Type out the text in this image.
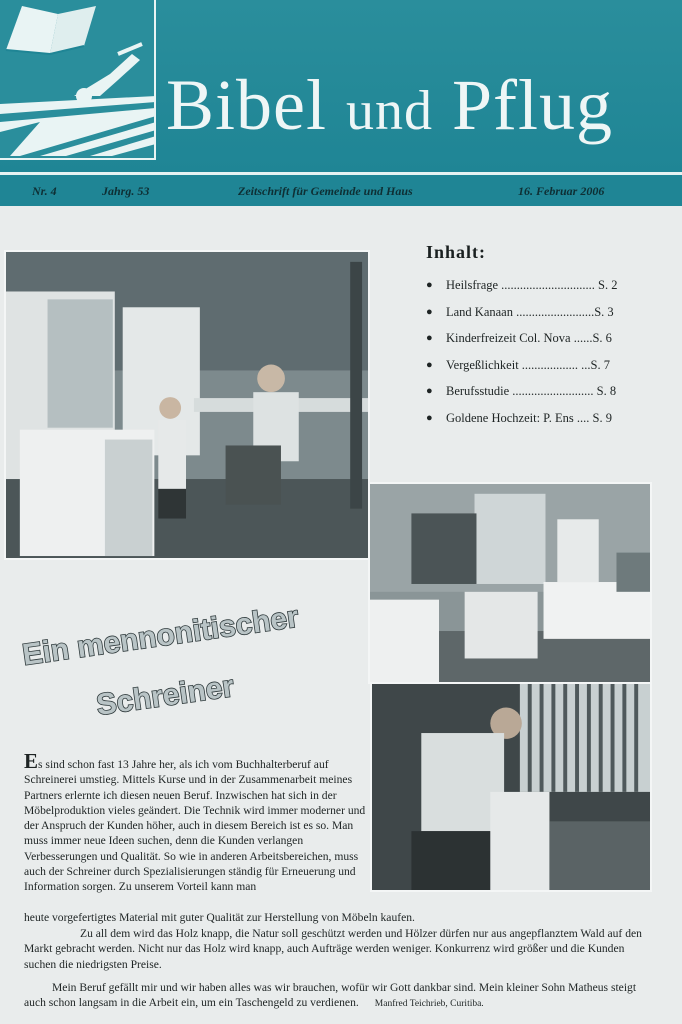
Bibel und Pflug
Nr. 4	Jahrg. 53	Zeitschrift für Gemeinde und Haus	16. Februar 2006
Inhalt:
● Heilsfrage .............................. S. 2
● Land Kanaan .........................S. 3
● Kinderfreizeit Col. Nova ......S. 6
● Vergeßlichkeit .................. ...S. 7
● Berufsstudie .......................... S. 8
● Goldene Hochzeit: P. Ens .... S. 9
Ein mennonitischer
Schreiner

Es sind schon fast 13 Jahre her, als ich vom Buchhalterberuf auf Schreinerei umstieg. Mittels Kurse und in der Zusammenarbeit meines Partners erlernte ich diesen neuen Beruf. Inzwischen hat sich in der Möbelproduktion vieles geändert. Die Technik wird immer moderner und der Anspruch der Kunden höher, auch in diesem Bereich ist es so. Man muss immer neue Ideen suchen, denn die Kunden verlangen Verbesserungen und Qualität. So wie in anderen Arbeitsbereichen, muss auch der Schreiner durch Spezialisierungen ständig für Erneuerung und Information sorgen. Zu unserem Vorteil kann man

heute vorgefertigtes Material mit guter Qualität zur Herstellung von Möbeln kaufen.

Zu all dem wird das Holz knapp, die Natur soll geschützt werden und Hölzer dürfen nur aus angepflanztem Wald auf den Markt gebracht werden. Nicht nur das Holz wird knapp, auch Aufträge werden weniger. Konkurrenz wird größer und die Kunden suchen die niedrigsten Preise.

Mein Beruf gefällt mir und wir haben alles was wir brauchen, wofür wir Gott dankbar sind. Mein kleiner Sohn Matheus steigt auch schon langsam in die Arbeit ein, um ein Taschengeld zu verdienen. Manfred Teichrieb, Curitiba.
